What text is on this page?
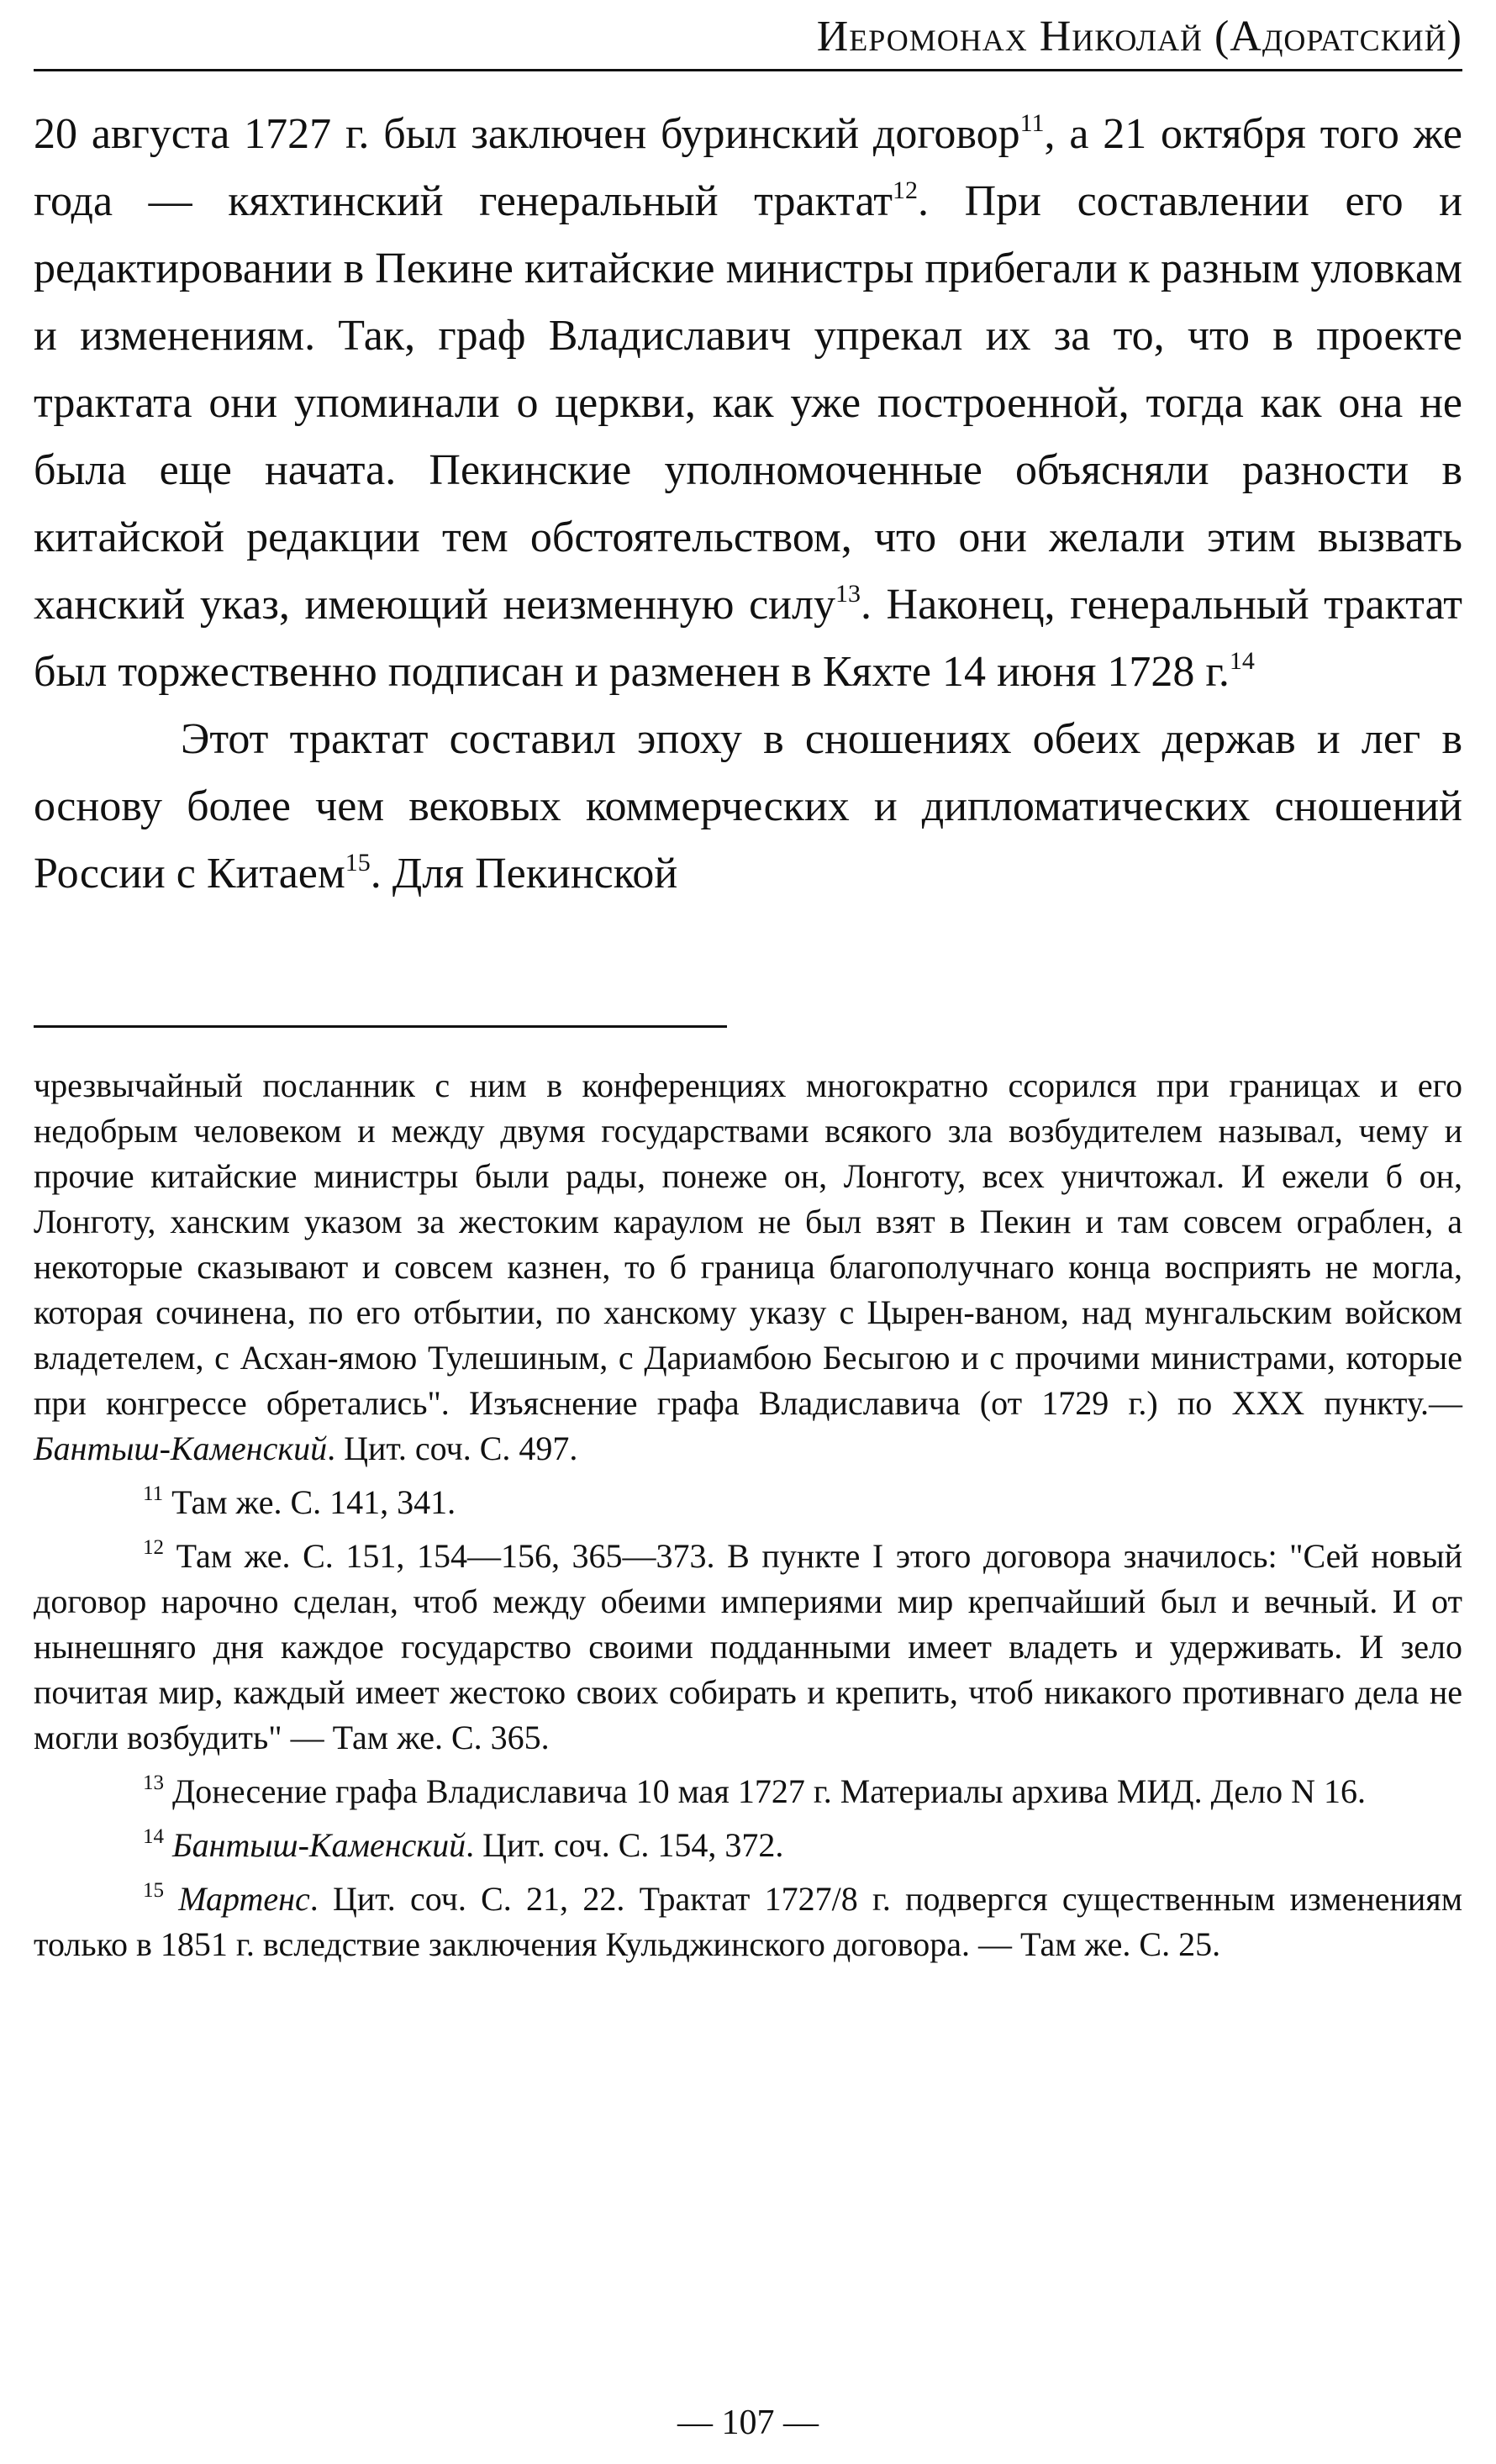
Иеромонах Николай (Адоратский)

20 августа 1727 г. был заключен буринский договор$^{11}$, а 21 октября того же года — кяхтинский генеральный трактат$^{12}$. При составлении его и редактировании в Пекине китайские министры прибегали к разным уловкам и изменениям. Так, граф Владиславич упрекал их за то, что в проекте трактата они упоминали о церкви, как уже построенной, тогда как она не была еще начата. Пекинские уполномоченные объясняли разности в китайской редакции тем обстоятельством, что они желали этим вызвать ханский указ, имеющий неизменную силу$^{13}$. Наконец, генеральный трактат был торжественно подписан и разменен в Кяхте 14 июня 1728 г.$^{14}$

Этот трактат составил эпоху в сношениях обеих держав и лег в основу более чем вековых коммерческих и дипломатических сношений России с Китаем$^{15}$. Для Пекинской

чрезвычайный посланник с ним в конференциях многократно ссорился при границах и его недобрым человеком и между двумя государствами всякого зла возбудителем называл, чему и прочие китайские министры были рады, понеже он, Лонготу, всех уничтожал. И ежели б он, Лонготу, ханским указом за жестоким караулом не был взят в Пекин и там совсем ограблен, а некоторые сказывают и совсем казнен, то б граница благополучнаго конца восприять не могла, которая сочинена, по его отбытии, по ханскому указу с Цырен-ваном, над мунгальским войском владетелем, с Асхан-ямою Тулешиным, с Дариамбою Бесыгою и с прочими министрами, которые при конгрессе обретались". Изъяснение графа Владиславича (от 1729 г.) по XXX пункту.— Бантыш-Каменский. Цит. соч. С. 497.

$^{11}$ Там же. С. 141, 341.

$^{12}$ Там же. С. 151, 154—156, 365—373. В пункте I этого договора значилось: "Сей новый договор нарочно сделан, чтоб между обеими империями мир крепчайший был и вечный. И от нынешняго дня каждое государство своими подданными имеет владеть и удерживать. И зело почитая мир, каждый имеет жестоко своих собирать и крепить, чтоб никакого противнаго дела не могли возбудить" — Там же. С. 365.

$^{13}$ Донесение графа Владиславича 10 мая 1727 г. Материалы архива МИД. Дело N 16.

$^{14}$ Бантыш-Каменский. Цит. соч. С. 154, 372.

$^{15}$ Мартенс. Цит. соч. С. 21, 22. Трактат 1727/8 г. подвергся существенным изменениям только в 1851 г. вследствие заключения Кульджинского договора. — Там же. С. 25.

— 107 —
